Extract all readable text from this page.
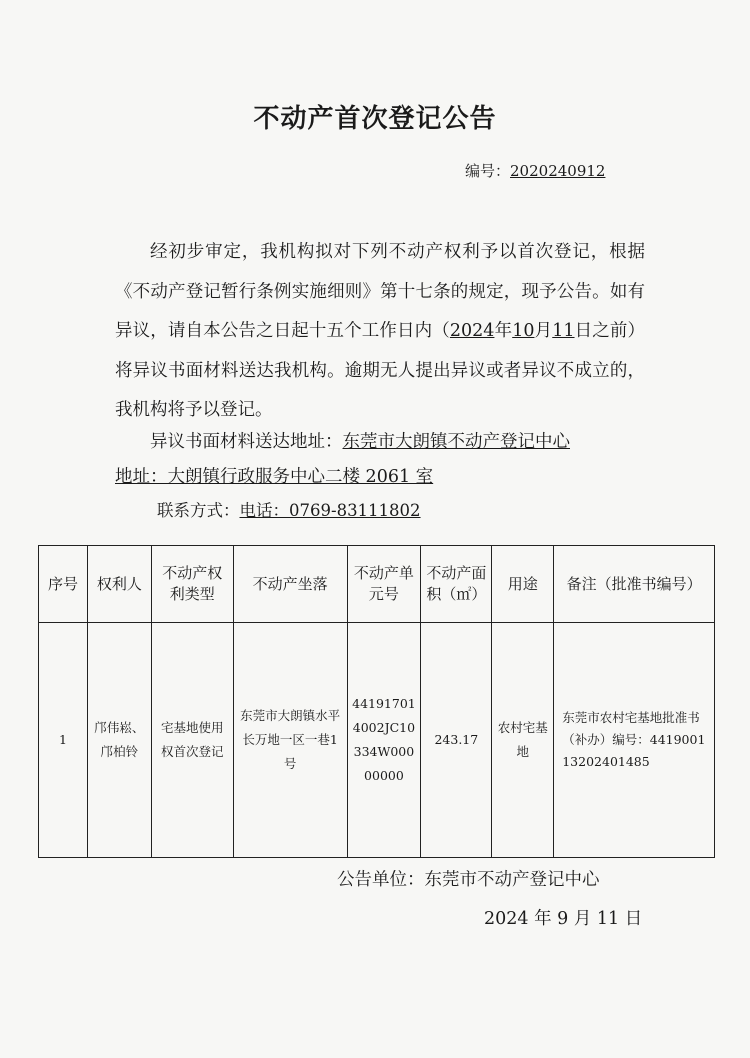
不动产首次登记公告
编号：2020240912

经初步审定，我机构拟对下列不动产权利予以首次登记，根据《不动产登记暂行条例实施细则》第十七条的规定，现予公告。如有异议，请自本公告之日起十五个工作日内（2024年10月11日之前）将异议书面材料送达我机构。逾期无人提出异议或者异议不成立的，我机构将予以登记。

异议书面材料送达地址：东莞市大朗镇不动产登记中心
地址：大朗镇行政服务中心二楼 2061 室
联系方式：电话：0769-83111802
序号	权利人	不动产权利类型	不动产坐落	不动产单元号	不动产面积（㎡）	用途	备注（批准书编号）
1	邝伟崧、邝柏铃	宅基地使用权首次登记	东莞市大朗镇水平长万地一区一巷1号	441917014002JC10334W00000000	243.17	农村宅基地	东莞市农村宅基地批准书（补办）编号：441900113202401485
公告单位：东莞市不动产登记中心
2024 年 9 月 11 日
